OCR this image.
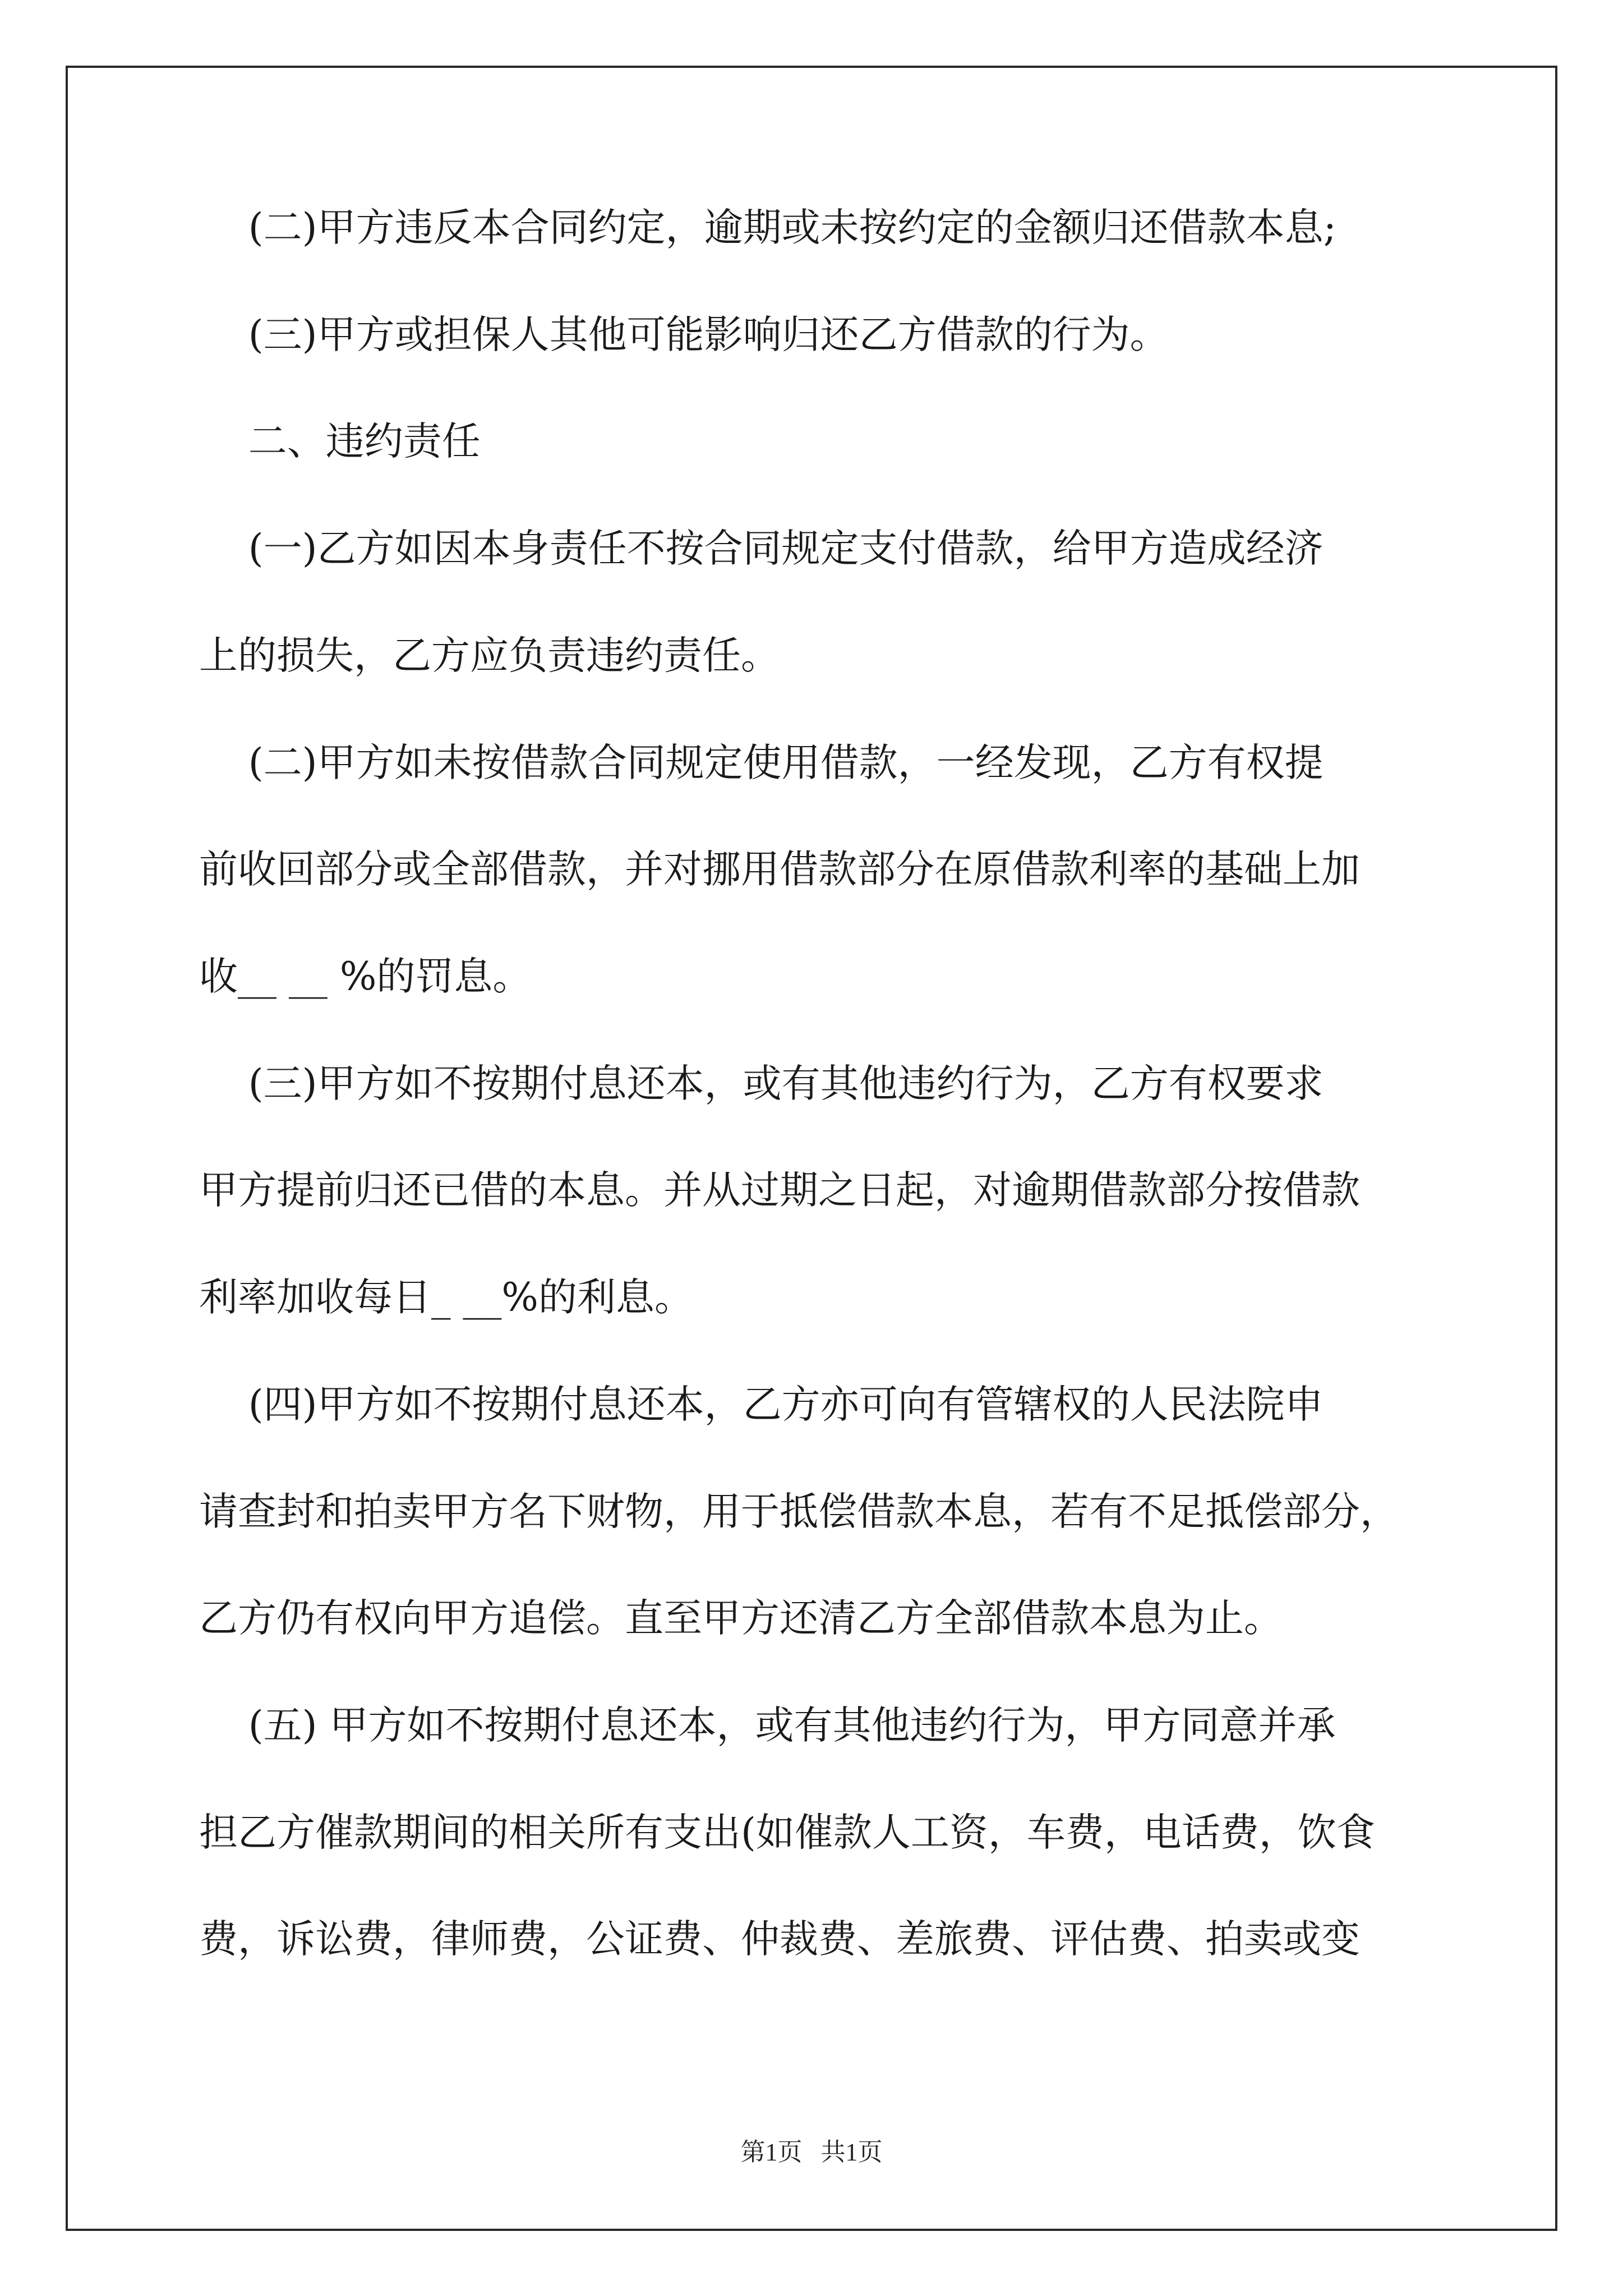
(二)甲方违反本合同约定，逾期或未按约定的金额归还借款本息;
(三)甲方或担保人其他可能影响归还乙方借款的行为。
二、违约责任
(一)乙方如因本身责任不按合同规定支付借款，给甲方造成经济
上的损失，乙方应负责违约责任。
(二)甲方如未按借款合同规定使用借款，一经发现，乙方有权提
前收回部分或全部借款，并对挪用借款部分在原借款利率的基础上加
收__ __ %的罚息。
(三)甲方如不按期付息还本，或有其他违约行为，乙方有权要求
甲方提前归还已借的本息。并从过期之日起，对逾期借款部分按借款
利率加收每日_ __%的利息。
(四)甲方如不按期付息还本，乙方亦可向有管辖权的人民法院申
请查封和拍卖甲方名下财物，用于抵偿借款本息，若有不足抵偿部分，
乙方仍有权向甲方追偿。直至甲方还清乙方全部借款本息为止。
(五) 甲方如不按期付息还本，或有其他违约行为，甲方同意并承
担乙方催款期间的相关所有支出(如催款人工资，车费，电话费，饮食
费，诉讼费，律师费，公证费、仲裁费、差旅费、评估费、拍卖或变
第1页   共1页
